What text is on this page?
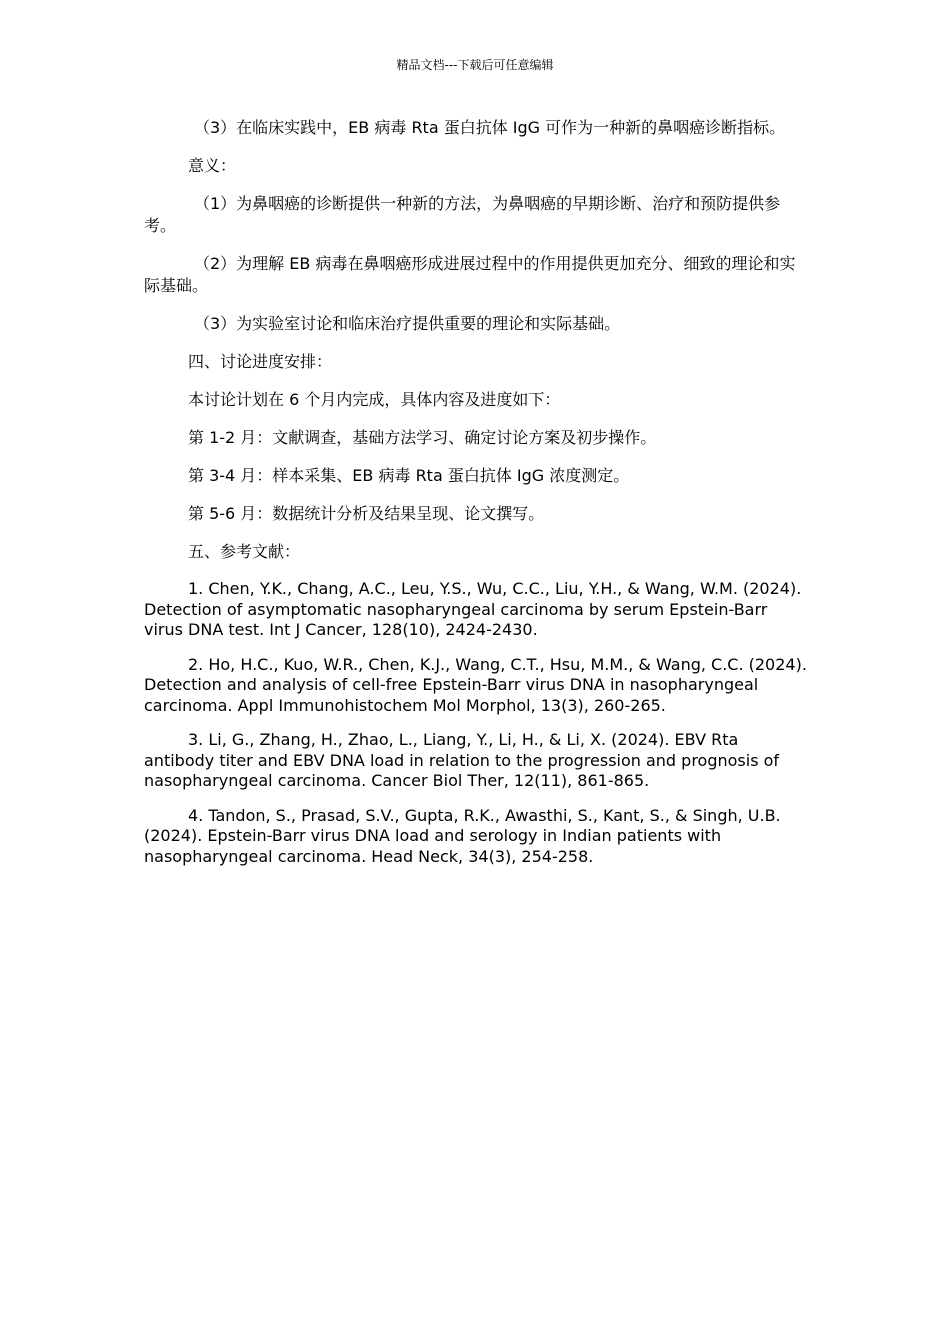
精品文档---下载后可任意编辑

（3）在临床实践中，EB 病毒 Rta 蛋白抗体 IgG 可作为一种新的鼻咽癌诊断指标。

意义：

（1）为鼻咽癌的诊断提供一种新的方法，为鼻咽癌的早期诊断、治疗和预防提供参考。

（2）为理解 EB 病毒在鼻咽癌形成进展过程中的作用提供更加充分、细致的理论和实际基础。

（3）为实验室讨论和临床治疗提供重要的理论和实际基础。

四、讨论进度安排：

本讨论计划在 6 个月内完成，具体内容及进度如下：

第 1-2 月：文献调查，基础方法学习、确定讨论方案及初步操作。

第 3-4 月：样本采集、EB 病毒 Rta 蛋白抗体 IgG 浓度测定。

第 5-6 月：数据统计分析及结果呈现、论文撰写。

五、参考文献：

1. Chen, Y.K., Chang, A.C., Leu, Y.S., Wu, C.C., Liu, Y.H., & Wang, W.M. (2024). Detection of asymptomatic nasopharyngeal carcinoma by serum Epstein-Barr virus DNA test. Int J Cancer, 128(10), 2424-2430.

2. Ho, H.C., Kuo, W.R., Chen, K.J., Wang, C.T., Hsu, M.M., & Wang, C.C. (2024). Detection and analysis of cell-free Epstein-Barr virus DNA in nasopharyngeal carcinoma. Appl Immunohistochem Mol Morphol, 13(3), 260-265.

3. Li, G., Zhang, H., Zhao, L., Liang, Y., Li, H., & Li, X. (2024). EBV Rta antibody titer and EBV DNA load in relation to the progression and prognosis of nasopharyngeal carcinoma. Cancer Biol Ther, 12(11), 861-865.

4. Tandon, S., Prasad, S.V., Gupta, R.K., Awasthi, S., Kant, S., & Singh, U.B. (2024). Epstein-Barr virus DNA load and serology in Indian patients with nasopharyngeal carcinoma. Head Neck, 34(3), 254-258.
